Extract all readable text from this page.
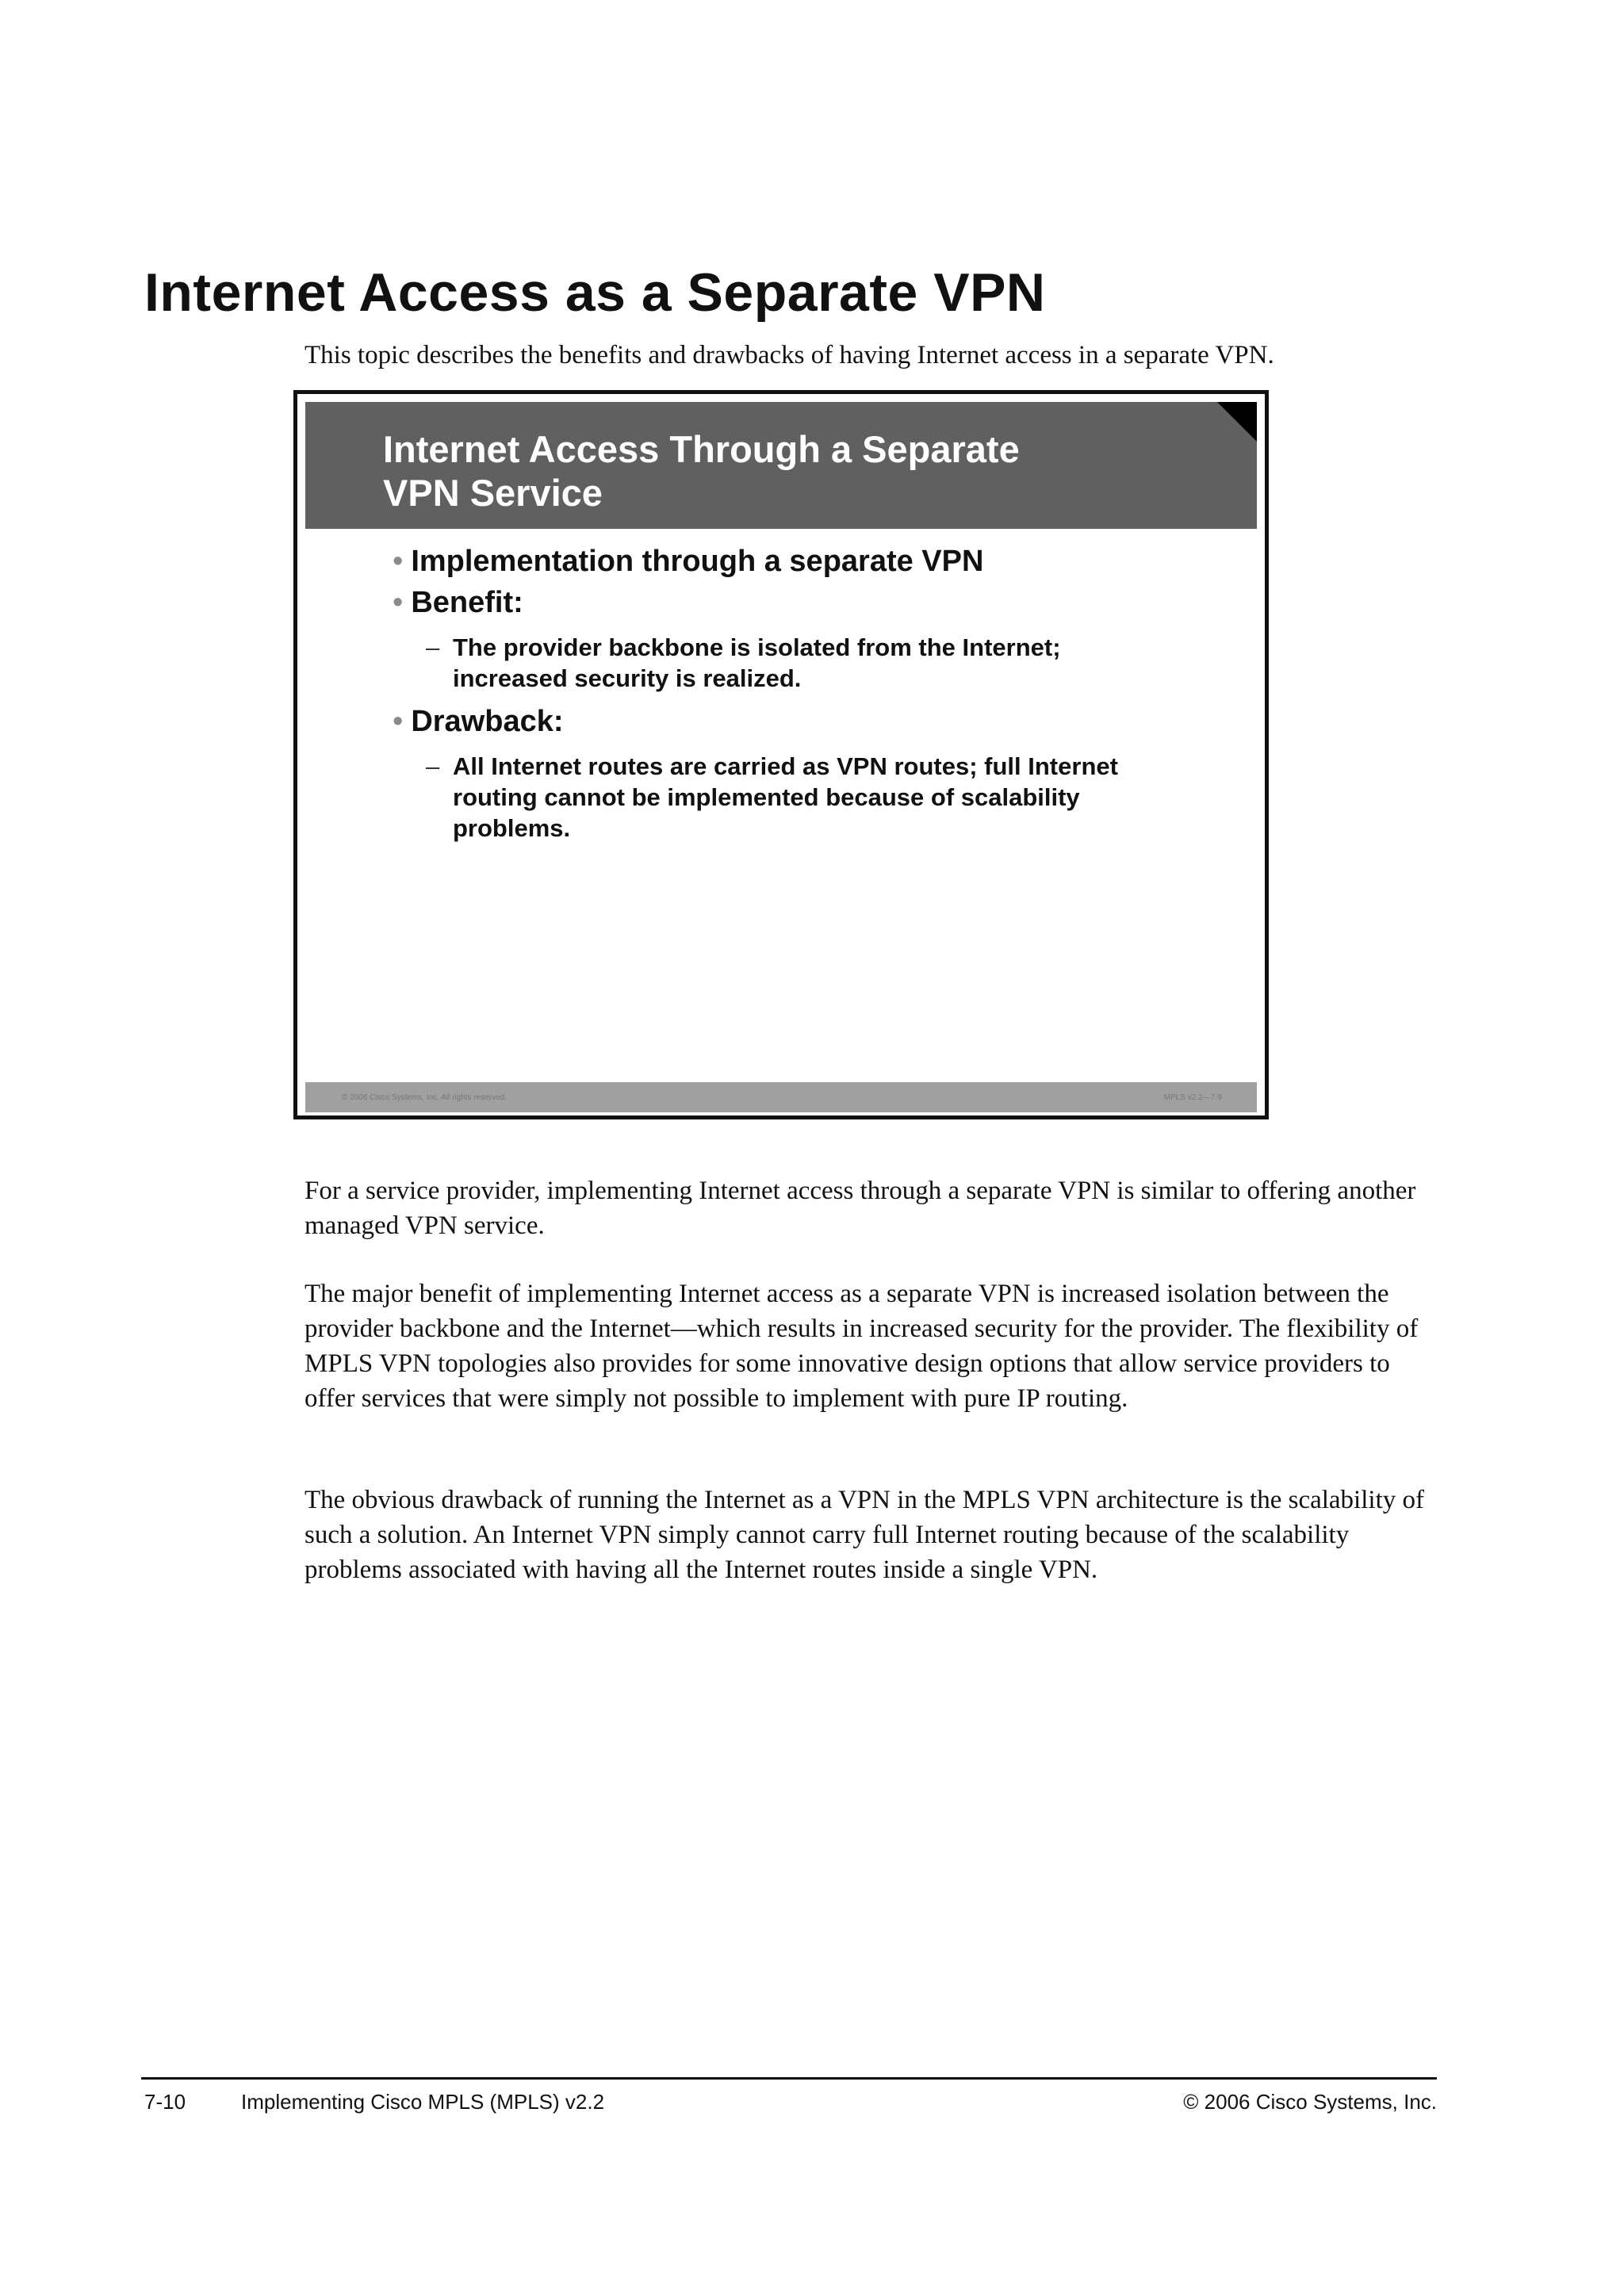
Internet Access as a Separate VPN

This topic describes the benefits and drawbacks of having Internet access in a separate VPN.

Internet Access Through a Separate
VPN Service
• Implementation through a separate VPN
• Benefit:
– The provider backbone is isolated from the Internet;
increased security is realized.
• Drawback:
– All Internet routes are carried as VPN routes; full Internet
routing cannot be implemented because of scalability
problems.
© 2006 Cisco Systems, Inc. All rights reserved.	MPLS v2.2—7-9

For a service provider, implementing Internet access through a separate VPN is similar to offering another managed VPN service.

The major benefit of implementing Internet access as a separate VPN is increased isolation between the provider backbone and the Internet—which results in increased security for the provider. The flexibility of MPLS VPN topologies also provides for some innovative design options that allow service providers to offer services that were simply not possible to implement with pure IP routing.

The obvious drawback of running the Internet as a VPN in the MPLS VPN architecture is the scalability of such a solution. An Internet VPN simply cannot carry full Internet routing because of the scalability problems associated with having all the Internet routes inside a single VPN.

7-10	Implementing Cisco MPLS (MPLS) v2.2	© 2006 Cisco Systems, Inc.
